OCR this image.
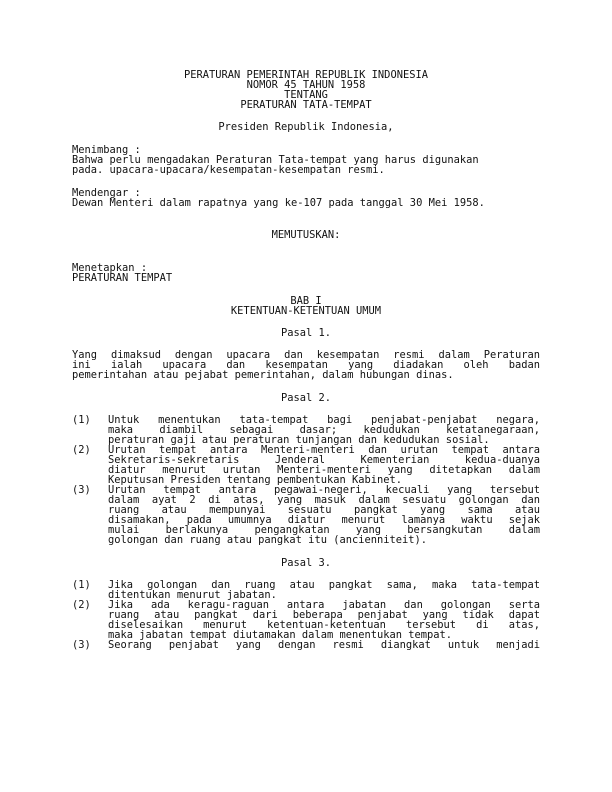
PERATURAN PEMERINTAH REPUBLIK INDONESIA
NOMOR 45 TAHUN 1958
TENTANG
PERATURAN TATA-TEMPAT
Presiden Republik Indonesia,
Menimbang :
Bahwa perlu mengadakan Peraturan Tata-tempat yang harus digunakan
pada. upacara-upacara/kesempatan-kesempatan resmi.
Mendengar :
Dewan Menteri dalam rapatnya yang ke-107 pada tanggal 30 Mei 1958.
MEMUTUSKAN:
Menetapkan :
PERATURAN TEMPAT
BAB I
KETENTUAN-KETENTUAN UMUM
Pasal 1.
Yang dimaksud dengan upacara dan kesempatan resmi dalam Peraturan
ini ialah upacara dan kesempatan yang diadakan oleh badan
pemerintahan atau pejabat pemerintahan, dalam hubungan dinas.
Pasal 2.
(1) Untuk menentukan tata-tempat bagi penjabat-penjabat negara,
maka diambil sebagai dasar; kedudukan ketatanegaraan,
peraturan gaji atau peraturan tunjangan dan kedudukan sosial.
(2) Urutan tempat antara Menteri-menteri dan urutan tempat antara
Sekretaris-sekretaris Jenderal Kementerian kedua-duanya
diatur menurut urutan Menteri-menteri yang ditetapkan dalam
Keputusan Presiden tentang pembentukan Kabinet.
(3) Urutan tempat antara pegawai-negeri, kecuali yang tersebut
dalam ayat 2 di atas, yang masuk dalam sesuatu golongan dan
ruang atau mempunyai sesuatu pangkat yang sama atau
disamakan, pada umumnya diatur menurut lamanya waktu sejak
mulai berlakunya pengangkatan yang bersangkutan dalam
golongan dan ruang atau pangkat itu (ancienniteit).
Pasal 3.
(1) Jika golongan dan ruang atau pangkat sama, maka tata-tempat
ditentukan menurut jabatan.
(2) Jika ada keragu-raguan antara jabatan dan golongan serta
ruang atau pangkat dari beberapa penjabat yang tidak dapat
diselesaikan menurut ketentuan-ketentuan tersebut di atas,
maka jabatan tempat diutamakan dalam menentukan tempat.
(3) Seorang penjabat yang dengan resmi diangkat untuk menjadi
